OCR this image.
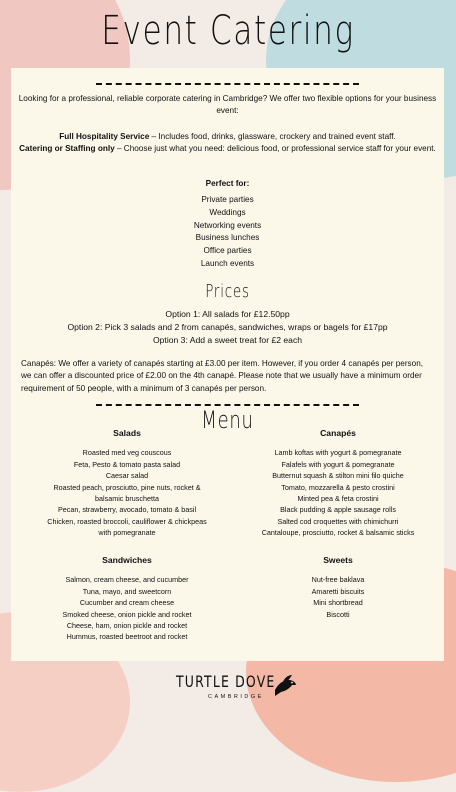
Event Catering
Looking for a professional, reliable corporate catering in Cambridge? We offer two flexible options for your business event:
Full Hospitality Service – Includes food, drinks, glassware, crockery and trained event staff.
Catering or Staffing only – Choose just what you need: delicious food, or professional service staff for your event.
Perfect for:
Private parties
Weddings
Networking events
Business lunches
Office parties
Launch events
Prices
Option 1: All salads for £12.50pp
Option 2: Pick 3 salads and 2 from canapés, sandwiches, wraps or bagels for £17pp
Option 3: Add a sweet treat for £2 each
Canapés: We offer a variety of canapés starting at £3.00 per item. However, if you order 4 canapés per person, we can offer a discounted price of £2.00 on the 4th canapé. Please note that we usually have a minimum order requirement of 50 people, with a minimum of 3 canapés per person.
Menu
Salads
Roasted med veg couscous
Feta, Pesto & tomato pasta salad
Caesar salad
Roasted peach, prosciutto, pine nuts, rocket &
balsamic bruschetta
Pecan, strawberry, avocado, tomato & basil
Chicken, roasted broccoli, cauliflower & chickpeas
with pomegranate
Canapés
Lamb koftas with yogurt & pomegranate
Falafels with yogurt & pomegranate
Butternut squash & stilton mini filo quiche
Tomato, mozzarella & pesto crostini
Minted pea & feta crostini
Black pudding & apple sausage rolls
Salted cod croquettes with chimichurri
Cantaloupe, prosciutto, rocket & balsamic sticks
Sandwiches
Salmon, cream cheese, and cucumber
Tuna, mayo, and sweetcorn
Cucumber and cream cheese
Smoked cheese, onion pickle and rocket
Cheese, ham, onion pickle and rocket
Hummus, roasted beetroot and rocket
Sweets
Nut-free baklava
Amaretti biscuits
Mini shortbread
Biscotti
TURTLE DOVE
CAMBRIDGE
